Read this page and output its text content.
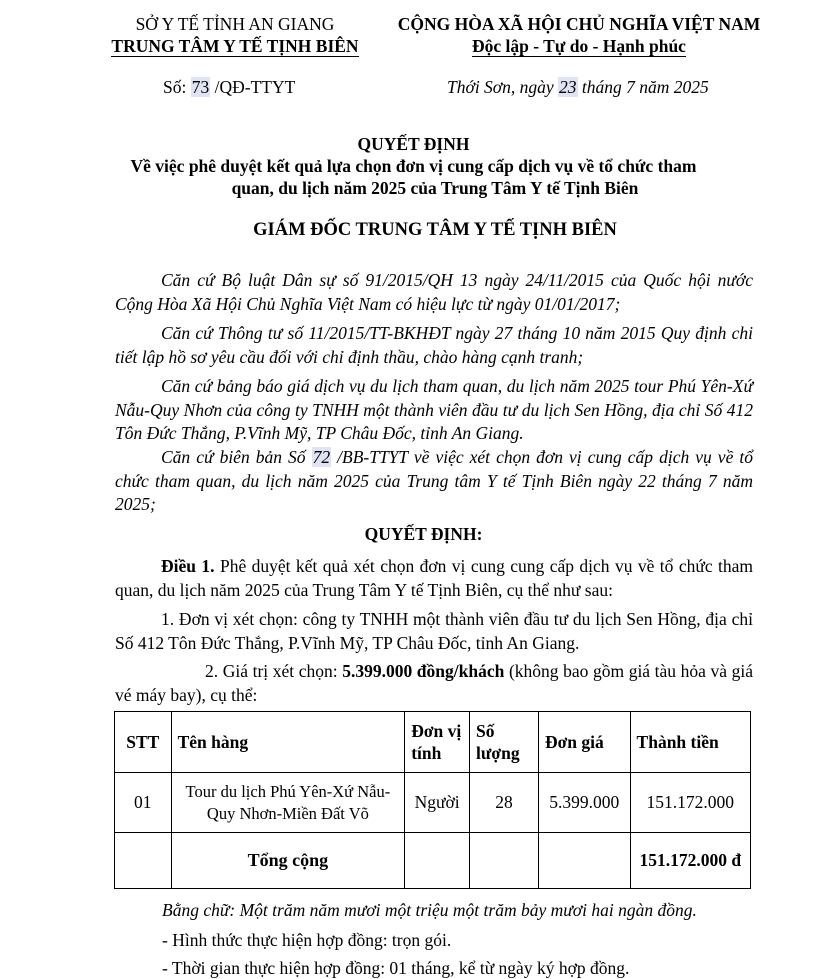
SỞ Y TẾ TỈNH AN GIANG
TRUNG TÂM Y TẾ TỊNH BIÊN
CỘNG HÒA XÃ HỘI CHỦ NGHĨA VIỆT NAM
Độc lập - Tự do - Hạnh phúc
Số: 73 /QĐ-TTYT	Thới Sơn, ngày 23 tháng 7 năm 2025
QUYẾT ĐỊNH
Về việc phê duyệt kết quả lựa chọn đơn vị cung cấp dịch vụ về tổ chức tham
quan, du lịch năm 2025 của Trung Tâm Y tế Tịnh Biên
GIÁM ĐỐC TRUNG TÂM Y TẾ TỊNH BIÊN
Căn cứ Bộ luật Dân sự số 91/2015/QH 13 ngày 24/11/2015 của Quốc hội nước Cộng Hòa Xã Hội Chủ Nghĩa Việt Nam có hiệu lực từ ngày 01/01/2017;
Căn cứ Thông tư số 11/2015/TT-BKHĐT ngày 27 tháng 10 năm 2015 Quy định chi tiết lập hồ sơ yêu cầu đối với chỉ định thầu, chào hàng cạnh tranh;
Căn cứ bảng báo giá dịch vụ du lịch tham quan, du lịch năm 2025 tour Phú Yên-Xứ Nẫu-Quy Nhơn của công ty TNHH một thành viên đầu tư du lịch Sen Hồng, địa chỉ Số 412 Tôn Đức Thắng, P.Vĩnh Mỹ, TP Châu Đốc, tỉnh An Giang.
Căn cứ biên bản Số 72 /BB-TTYT về việc xét chọn đơn vị cung cấp dịch vụ về tổ chức tham quan, du lịch năm 2025 của Trung tâm Y tế Tịnh Biên ngày 22 tháng 7 năm 2025;
QUYẾT ĐỊNH:
Điều 1. Phê duyệt kết quả xét chọn đơn vị cung cung cấp dịch vụ về tổ chức tham quan, du lịch năm 2025 của Trung Tâm Y tế Tịnh Biên, cụ thể như sau:
1. Đơn vị xét chọn: công ty TNHH một thành viên đầu tư du lịch Sen Hồng, địa chỉ Số 412 Tôn Đức Thắng, P.Vĩnh Mỹ, TP Châu Đốc, tỉnh An Giang.
2. Giá trị xét chọn: 5.399.000 đồng/khách (không bao gồm giá tàu hỏa và giá vé máy bay), cụ thể:
STT	Tên hàng	Đơn vị tính	Số lượng	Đơn giá	Thành tiền
01	Tour du lịch Phú Yên-Xứ Nẫu-Quy Nhơn-Miền Đất Võ	Người	28	5.399.000	151.172.000
	Tổng cộng				151.172.000 đ
Bằng chữ: Một trăm năm mươi một triệu một trăm bảy mươi hai ngàn đồng.
- Hình thức thực hiện hợp đồng: trọn gói.
- Thời gian thực hiện hợp đồng: 01 tháng, kể từ ngày ký hợp đồng.
